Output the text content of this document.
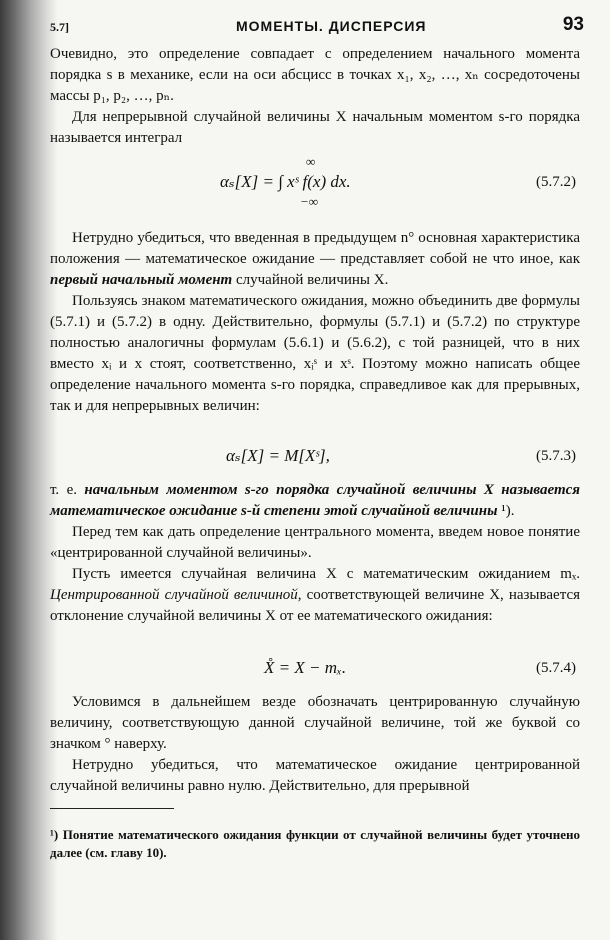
5.7]	МОМЕНТЫ. ДИСПЕРСИЯ	93

Очевидно, это определение совпадает с определением начального момента порядка s в механике, если на оси абсцисс в точках x₁, x₂, …, xₙ сосредоточены массы p₁, p₂, …, pₙ.

Для непрерывной случайной величины X начальным моментом s-го порядка называется интеграл

∞
αₛ[X] = ∫ xˢ f(x) dx.
−∞
(5.7.2)

Нетрудно убедиться, что введенная в предыдущем n° основная характеристика положения — математическое ожидание — представляет собой не что иное, как первый начальный момент случайной величины X.

Пользуясь знаком математического ожидания, можно объединить две формулы (5.7.1) и (5.7.2) в одну. Действительно, формулы (5.7.1) и (5.7.2) по структуре полностью аналогичны формулам (5.6.1) и (5.6.2), с той разницей, что в них вместо xᵢ и x стоят, соответственно, xᵢˢ и xˢ. Поэтому можно написать общее определение начального момента s-го порядка, справедливое как для прерывных, так и для непрерывных величин:

αₛ[X] = M[Xˢ],	(5.7.3)

т. е. начальным моментом s-го порядка случайной величины X называется математическое ожидание s-й степени этой случайной величины ¹).

Перед тем как дать определение центрального момента, введем новое понятие «центрированной случайной величины».

Пусть имеется случайная величина X с математическим ожиданием mₓ. Центрированной случайной величиной, соответствующей величине X, называется отклонение случайной величины X от ее математического ожидания:

X̊ = X − mₓ.	(5.7.4)

Условимся в дальнейшем везде обозначать центрированную случайную величину, соответствующую данной случайной величине, той же буквой со значком ° наверху.

Нетрудно убедиться, что математическое ожидание центрированной случайной величины равно нулю. Действительно, для прерывной

¹) Понятие математического ожидания функции от случайной величины будет уточнено далее (см. главу 10).
